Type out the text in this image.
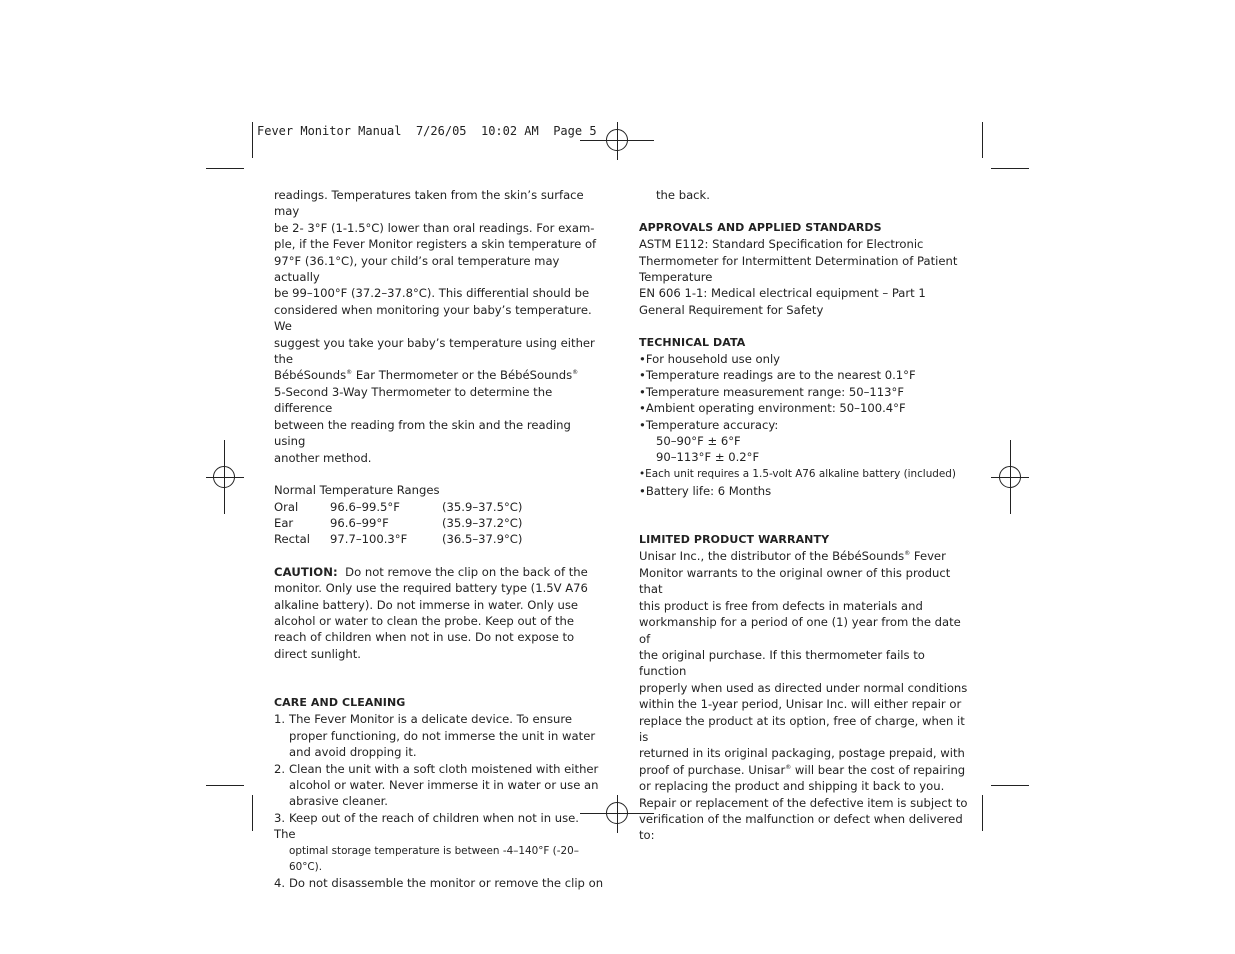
Fever Monitor Manual  7/26/05  10:02 AM  Page 5

readings. Temperatures taken from the skin’s surface may

be 2- 3°F (1-1.5°C) lower than oral readings. For exam-

ple, if the Fever Monitor registers a skin temperature of

97°F (36.1°C), your child’s oral temperature may actually

be 99–100°F (37.2–37.8°C). This differential should be

considered when monitoring your baby’s temperature. We

suggest you take your baby’s temperature using either the

BébéSounds® Ear Thermometer or the BébéSounds®

5-Second 3-Way Thermometer to determine the difference

between the reading from the skin and the reading using

another method.

Normal Temperature Ranges

Oral	96.6–99.5°F	(35.9–37.5°C)
Ear	96.6–99°F	(35.9–37.2°C)
Rectal	97.7–100.3°F	(36.5–37.9°C)

CAUTION:  Do not remove the clip on the back of the

monitor. Only use the required battery type (1.5V A76

alkaline battery). Do not immerse in water. Only use

alcohol or water to clean the probe. Keep out of the

reach of children when not in use. Do not expose to

direct sunlight.

CARE AND CLEANING

1. The Fever Monitor is a delicate device. To ensure

proper functioning, do not immerse the unit in water

and avoid dropping it.

2. Clean the unit with a soft cloth moistened with either

alcohol or water. Never immerse it in water or use an

abrasive cleaner.

3. Keep out of the reach of children when not in use. The

optimal storage temperature is between -4–140°F (-20–60°C).

4. Do not disassemble the monitor or remove the clip on

the back.

APPROVALS AND APPLIED STANDARDS

ASTM E112: Standard Specification for Electronic

Thermometer for Intermittent Determination of Patient

Temperature

EN 606 1-1: Medical electrical equipment – Part 1

General Requirement for Safety

TECHNICAL DATA

• For household use only

• Temperature readings are to the nearest 0.1°F

• Temperature measurement range: 50–113°F

• Ambient operating environment: 50–100.4°F

• Temperature accuracy:

50–90°F ± 6°F

90–113°F ± 0.2°F

• Each unit requires a 1.5-volt A76 alkaline battery (included)

• Battery life: 6 Months

LIMITED PRODUCT WARRANTY

Unisar Inc., the distributor of the BébéSounds® Fever

Monitor warrants to the original owner of this product that

this product is free from defects in materials and

workmanship for a period of one (1) year from the date of

the original purchase. If this thermometer fails to function

properly when used as directed under normal conditions

within the 1-year period, Unisar Inc. will either repair or

replace the product at its option, free of charge, when it is

returned in its original packaging, postage prepaid, with

proof of purchase. Unisar® will bear the cost of repairing

or replacing the product and shipping it back to you.

Repair or replacement of the defective item is subject to

verification of the malfunction or defect when delivered to:
